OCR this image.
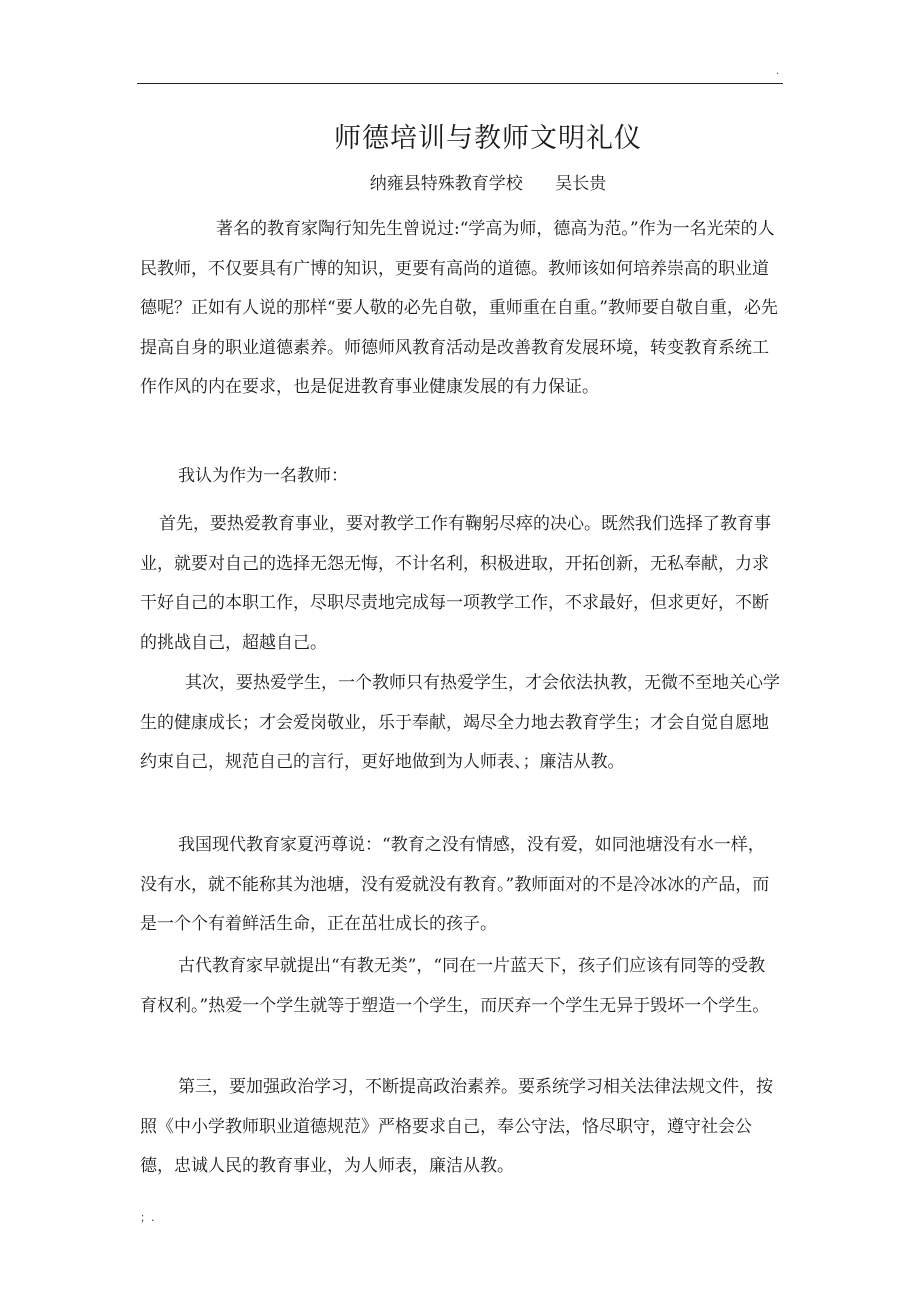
.
师德培训与教师文明礼仪
纳雍县特殊教育学校      吴长贵

著名的教育家陶行知先生曾说过:“学高为师，德高为范。”作为一名光荣的人民教师，不仅要具有广博的知识，更要有高尚的道德。教师该如何培养崇高的职业道德呢？正如有人说的那样“要人敬的必先自敬，重师重在自重。”教师要自敬自重，必先提高自身的职业道德素养。师德师风教育活动是改善教育发展环境，转变教育系统工作作风的内在要求，也是促进教育事业健康发展的有力保证。

我认为作为一名教师：

首先，要热爱教育事业，要对教学工作有鞠躬尽瘁的决心。既然我们选择了教育事业，就要对自己的选择无怨无悔，不计名利，积极进取，开拓创新，无私奉献，力求干好自己的本职工作，尽职尽责地完成每一项教学工作，不求最好，但求更好，不断的挑战自己，超越自己。

其次，要热爱学生，一个教师只有热爱学生，才会依法执教，无微不至地关心学生的健康成长；才会爱岗敬业，乐于奉献，竭尽全力地去教育学生；才会自觉自愿地约束自己，规范自己的言行，更好地做到为人师表、；廉洁从教。

我国现代教育家夏沔尊说：“教育之没有情感，没有爱，如同池塘没有水一样，没有水，就不能称其为池塘，没有爱就没有教育。”教师面对的不是冷冰冰的产品，而是一个个有着鲜活生命，正在茁壮成长的孩子。

古代教育家早就提出“有教无类”，“同在一片蓝天下，孩子们应该有同等的受教育权利。”热爱一个学生就等于塑造一个学生，而厌弃一个学生无异于毁坏一个学生。

第三，要加强政治学习，不断提高政治素养。要系统学习相关法律法规文件，按照《中小学教师职业道德规范》严格要求自己，奉公守法，恪尽职守，遵守社会公德，忠诚人民的教育事业，为人师表，廉洁从教。

；.
